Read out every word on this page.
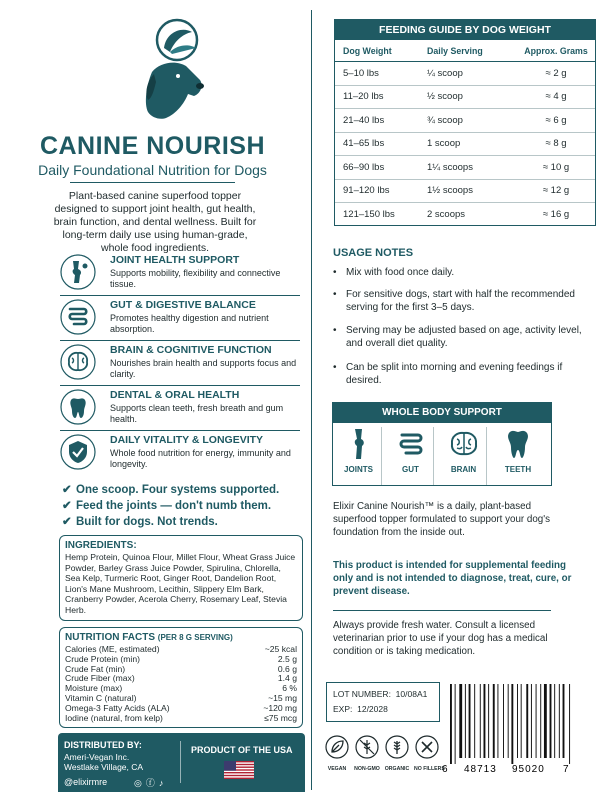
CANINE NOURISH
Daily Foundational Nutrition for Dogs
Plant-based canine superfood topper designed to support joint health, gut health, brain function, and dental wellness. Built for long-term daily use using human-grade, whole food ingredients.
JOINT HEALTH SUPPORT
Supports mobility, flexibility and connective tissue.
GUT & DIGESTIVE BALANCE
Promotes healthy digestion and nutrient absorption.
BRAIN & COGNITIVE FUNCTION
Nourishes brain health and supports focus and clarity.
DENTAL & ORAL HEALTH
Supports clean teeth, fresh breath and gum health.
DAILY VITALITY & LONGEVITY
Whole food nutrition for energy, immunity and longevity.
✔ One scoop. Four systems supported.
✔ Feed the joints — don't numb them.
✔ Built for dogs. Not trends.
INGREDIENTS:
Hemp Protein, Quinoa Flour, Millet Flour, Wheat Grass Juice Powder, Barley Grass Juice Powder, Spirulina, Chlorella, Sea Kelp, Turmeric Root, Ginger Root, Dandelion Root, Lion's Mane Mushroom, Lecithin, Slippery Elm Bark, Cranberry Powder, Acerola Cherry, Rosemary Leaf, Stevia Herb.
NUTRITION FACTS (PER 8 G SERVING)
Calories (ME, estimated)	~25 kcal
Crude Protein (min)	2.5 g
Crude Fat (min)	0.6 g
Crude Fiber (max)	1.4 g
Moisture (max)	6 %
Vitamin C (natural)	~15 mg
Omega-3 Fatty Acids (ALA)	~120 mg
Iodine (natural, from kelp)	≤75 mcg
DISTRIBUTED BY:
Ameri-Vegan Inc.
Westlake Village, CA
@elixirmre	◎ⓕ♪
PRODUCT OF THE USA
FEEDING GUIDE BY DOG WEIGHT
Dog Weight	Daily Serving	Approx. Grams
5–10 lbs	¼ scoop	≈ 2 g
11–20 lbs	½ scoop	≈ 4 g
21–40 lbs	¾ scoop	≈ 6 g
41–65 lbs	1 scoop	≈ 8 g
66–90 lbs	1¼ scoops	≈ 10 g
91–120 lbs	1½ scoops	≈ 12 g
121–150 lbs	2 scoops	≈ 16 g
USAGE NOTES
• Mix with food once daily.
• For sensitive dogs, start with half the recommended serving for the first 3–5 days.
• Serving may be adjusted based on age, activity level, and overall diet quality.
• Can be split into morning and evening feedings if desired.
WHOLE BODY SUPPORT
JOINTS	GUT	BRAIN	TEETH
Elixir Canine Nourish™ is a daily, plant-based superfood topper formulated to support your dog's foundation from the inside out.
This product is intended for supplemental feeding only and is not intended to diagnose, treat, cure, or prevent disease.
Always provide fresh water. Consult a licensed veterinarian prior to use if your dog has a medical condition or is taking medication.
LOT NUMBER: 10/08A1
EXP: 12/2028
6 48713 95020 7
VEGAN	NON-GMO ORGANIC NO FILLERS
